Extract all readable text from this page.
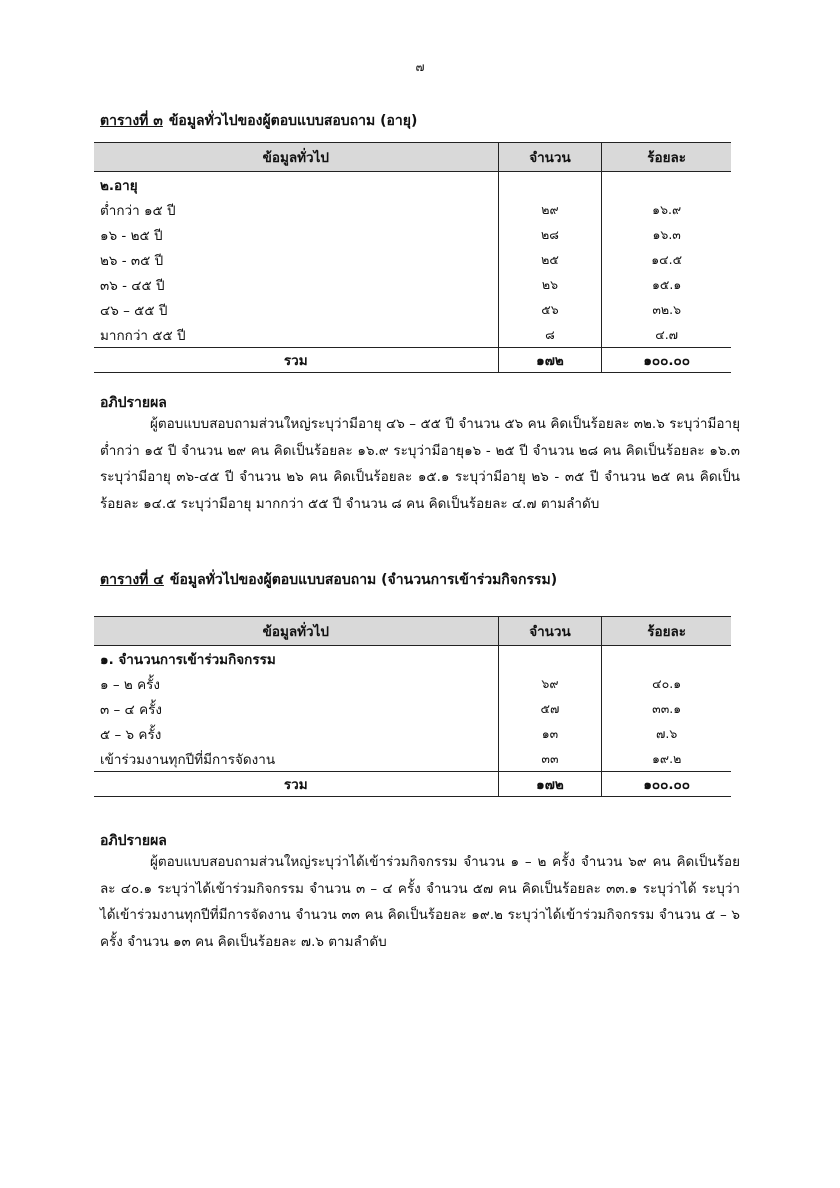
๗
ตารางที่ ๓ ข้อมูลทั่วไปของผู้ตอบแบบสอบถาม (อายุ)
ข้อมูลทั่วไป	จำนวน	ร้อยละ
๒.อายุ		
ต่ำกว่า ๑๕ ปี	๒๙	๑๖.๙
๑๖ - ๒๕ ปี	๒๘	๑๖.๓
๒๖ - ๓๕ ปี	๒๕	๑๔.๕
๓๖ - ๔๕ ปี	๒๖	๑๕.๑
๔๖ – ๕๕ ปี	๕๖	๓๒.๖
มากกว่า ๕๕ ปี	๘	๔.๗
รวม	๑๗๒	๑๐๐.๐๐
อภิปรายผล

ผู้ตอบแบบสอบถามส่วนใหญ่ระบุว่ามีอายุ ๔๖ – ๕๕ ปี จำนวน ๕๖ คน คิดเป็นร้อยละ ๓๒.๖ ระบุว่ามีอายุต่ำกว่า ๑๕ ปี จำนวน ๒๙ คน คิดเป็นร้อยละ ๑๖.๙ ระบุว่ามีอายุ๑๖ - ๒๕ ปี จำนวน ๒๘ คน คิดเป็นร้อยละ ๑๖.๓ ระบุว่ามีอายุ ๓๖-๔๕ ปี จำนวน ๒๖ คน คิดเป็นร้อยละ ๑๕.๑ ระบุว่ามีอายุ ๒๖ - ๓๕ ปี จำนวน ๒๕ คน คิดเป็นร้อยละ ๑๔.๕ ระบุว่ามีอายุ มากกว่า ๕๕ ปี จำนวน ๘ คน คิดเป็นร้อยละ ๔.๗ ตามลำดับ

ตารางที่ ๔ ข้อมูลทั่วไปของผู้ตอบแบบสอบถาม (จำนวนการเข้าร่วมกิจกรรม)
ข้อมูลทั่วไป	จำนวน	ร้อยละ
๑. จำนวนการเข้าร่วมกิจกรรม		
๑ – ๒ ครั้ง	๖๙	๔๐.๑
๓ – ๔ ครั้ง	๕๗	๓๓.๑
๕ – ๖ ครั้ง	๑๓	๗.๖
เข้าร่วมงานทุกปีที่มีการจัดงาน	๓๓	๑๙.๒
รวม	๑๗๒	๑๐๐.๐๐
อภิปรายผล

ผู้ตอบแบบสอบถามส่วนใหญ่ระบุว่าได้เข้าร่วมกิจกรรม จำนวน ๑ – ๒ ครั้ง จำนวน ๖๙ คน คิดเป็นร้อยละ ๔๐.๑ ระบุว่าได้เข้าร่วมกิจกรรม จำนวน ๓ – ๔ ครั้ง จำนวน ๕๗ คน คิดเป็นร้อยละ ๓๓.๑ ระบุว่าได้ ระบุว่าได้เข้าร่วมงานทุกปีที่มีการจัดงาน จำนวน ๓๓ คน คิดเป็นร้อยละ ๑๙.๒ ระบุว่าได้เข้าร่วมกิจกรรม จำนวน ๕ – ๖ ครั้ง จำนวน ๑๓ คน คิดเป็นร้อยละ ๗.๖ ตามลำดับ
